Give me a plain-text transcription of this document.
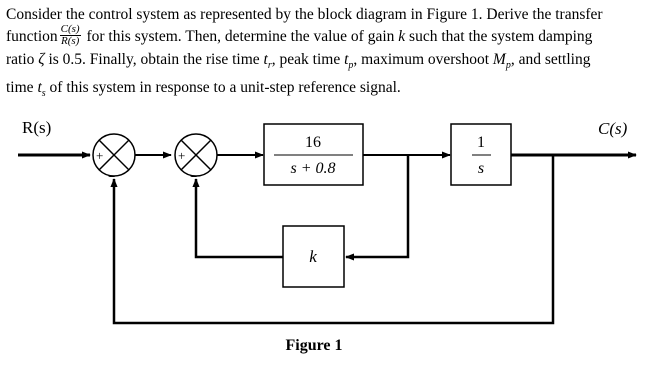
Consider the control system as represented by the block diagram in Figure 1. Derive the transfer

function $\frac{C(s)}{R(s)}$ for this system. Then, determine the value of gain k such that the system damping

ratio ζ is 0.5. Finally, obtain the rise time $t_r$, peak time $t_p$, maximum overshoot $M_p$, and settling

time $t_s$ of this system in response to a unit-step reference signal.

R(s)
+
−
+
−
16
s + 0.8
1
s
C(s)
k
Figure 1
